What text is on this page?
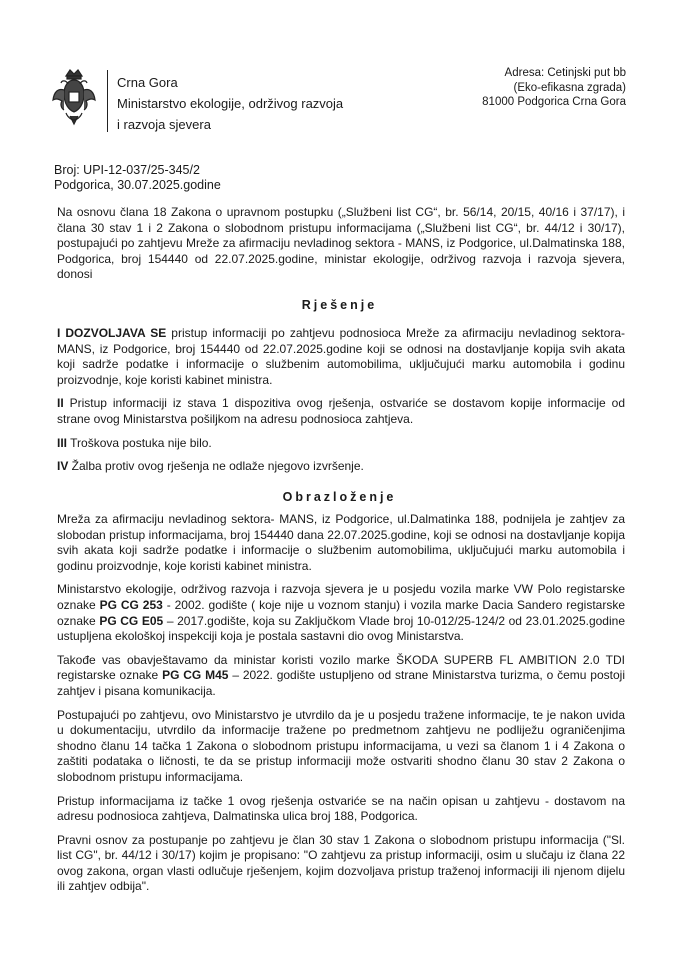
Crna Gora
Ministarstvo ekologije, održivog razvoja
i razvoja sjevera
Adresa: Cetinjski put bb
(Eko-efikasna zgrada)
81000 Podgorica Crna Gora
Broj: UPI-12-037/25-345/2
Podgorica, 30.07.2025.godine

Na osnovu člana 18 Zakona o upravnom postupku („Službeni list CG“, br. 56/14, 20/15, 40/16 i 37/17), i člana 30 stav 1 i 2 Zakona o slobodnom pristupu informacijama („Službeni list CG“, br. 44/12 i 30/17), postupajući po zahtjevu Mreže za afirmaciju nevladinog sektora - MANS, iz Podgorice, ul.Dalmatinska 188, Podgorica, broj 154440 od 22.07.2025.godine, ministar ekologije, održivog razvoja i razvoja sjevera, donosi

Rješenje

I DOZVOLJAVA SE pristup informaciji po zahtjevu podnosioca Mreže za afirmaciju nevladinog sektora- MANS, iz Podgorice, broj 154440 od 22.07.2025.godine koji se odnosi na dostavljanje kopija svih akata koji sadrže podatke i informacije o službenim automobilima, uključujući marku automobila i godinu proizvodnje, koje koristi kabinet ministra.

II Pristup informaciji iz stava 1 dispozitiva ovog rješenja, ostvariće se dostavom kopije informacije od strane ovog Ministarstva pošiljkom na adresu podnosioca zahtjeva.

III Troškova postuka nije bilo.

IV Žalba protiv ovog rješenja ne odlaže njegovo izvršenje.

Obrazloženje

Mreža za afirmaciju nevladinog sektora- MANS, iz Podgorice, ul.Dalmatinka 188, podnijela je zahtjev za slobodan pristup informacijama, broj 154440 dana 22.07.2025.godine, koji se odnosi na dostavljanje kopija svih akata koji sadrže podatke i informacije o službenim automobilima, uključujući marku automobila i godinu proizvodnje, koje koristi kabinet ministra.

Ministarstvo ekologije, održivog razvoja i razvoja sjevera je u posjedu vozila marke VW Polo registarske oznake PG CG 253 - 2002. godište ( koje nije u voznom stanju) i vozila marke Dacia Sandero registarske oznake PG CG E05 – 2017.godište, koja su Zaključkom Vlade broj 10-012/25-124/2 od 23.01.2025.godine ustupljena ekološkoj inspekciji koja je postala sastavni dio ovog Ministarstva.

Takođe vas obavještavamo da ministar koristi vozilo marke ŠKODA SUPERB FL AMBITION 2.0 TDI registarske oznake PG CG M45 – 2022. godište ustupljeno od strane Ministarstva turizma, o čemu postoji zahtjev i pisana komunikacija.

Postupajući po zahtjevu, ovo Ministarstvo je utvrdilo da je u posjedu tražene informacije, te je nakon uvida u dokumentaciju, utvrdilo da informacije tražene po predmetnom zahtjevu ne podliježu ograničenjima shodno članu 14 tačka 1 Zakona o slobodnom pristupu informacijama, u vezi sa članom 1 i 4 Zakona o zaštiti podataka o ličnosti, te da se pristup informaciji može ostvariti shodno članu 30 stav 2 Zakona o slobodnom pristupu informacijama.

Pristup informacijama iz tačke 1 ovog rješenja ostvariće se na način opisan u zahtjevu - dostavom na adresu podnosioca zahtjeva, Dalmatinska ulica broj 188, Podgorica.

Pravni osnov za postupanje po zahtjevu je član 30 stav 1 Zakona o slobodnom pristupu informacija ("Sl. list CG", br. 44/12 i 30/17) kojim je propisano: "O zahtjevu za pristup informaciji, osim u slučaju iz člana 22 ovog zakona, organ vlasti odlučuje rješenjem, kojim dozvoljava pristup traženoj informaciji ili njenom dijelu ili zahtjev odbija".
